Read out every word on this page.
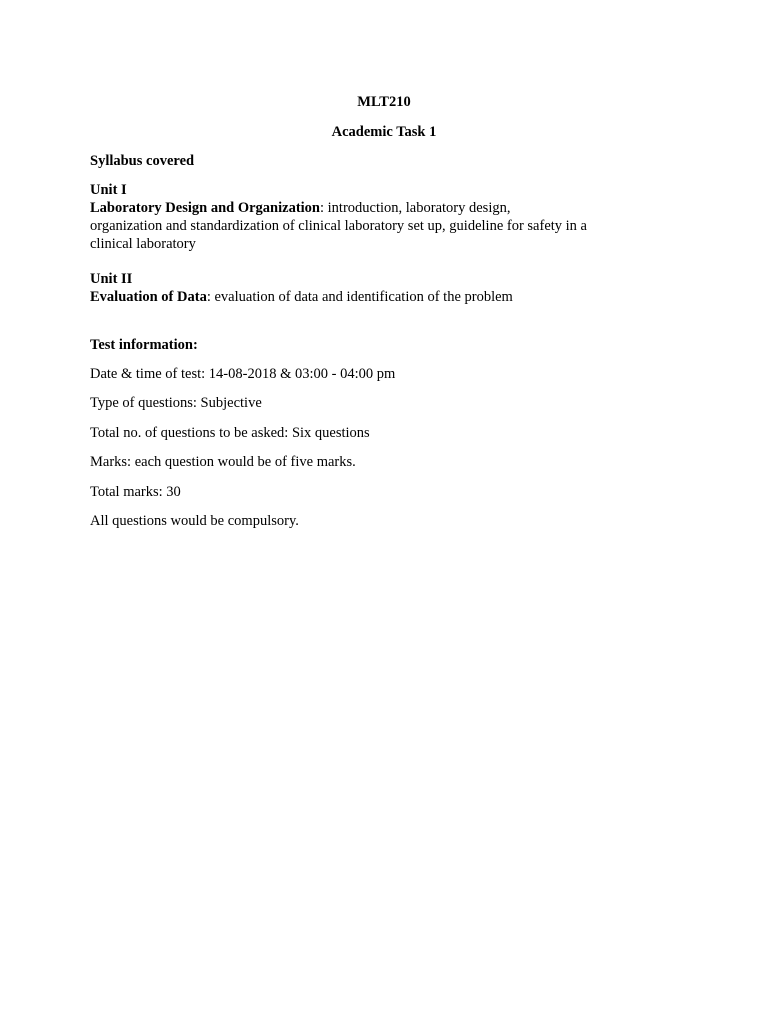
MLT210
Academic Task 1
Syllabus covered
Unit I
Laboratory Design and Organization: introduction, laboratory design,
organization and standardization of clinical laboratory set up, guideline for safety in a
clinical laboratory
Unit II
Evaluation of Data: evaluation of data and identification of the problem
Test information:
Date & time of test: 14-08-2018 & 03:00 - 04:00 pm
Type of questions: Subjective
Total no. of questions to be asked: Six questions
Marks: each question would be of five marks.
Total marks: 30
All questions would be compulsory.
